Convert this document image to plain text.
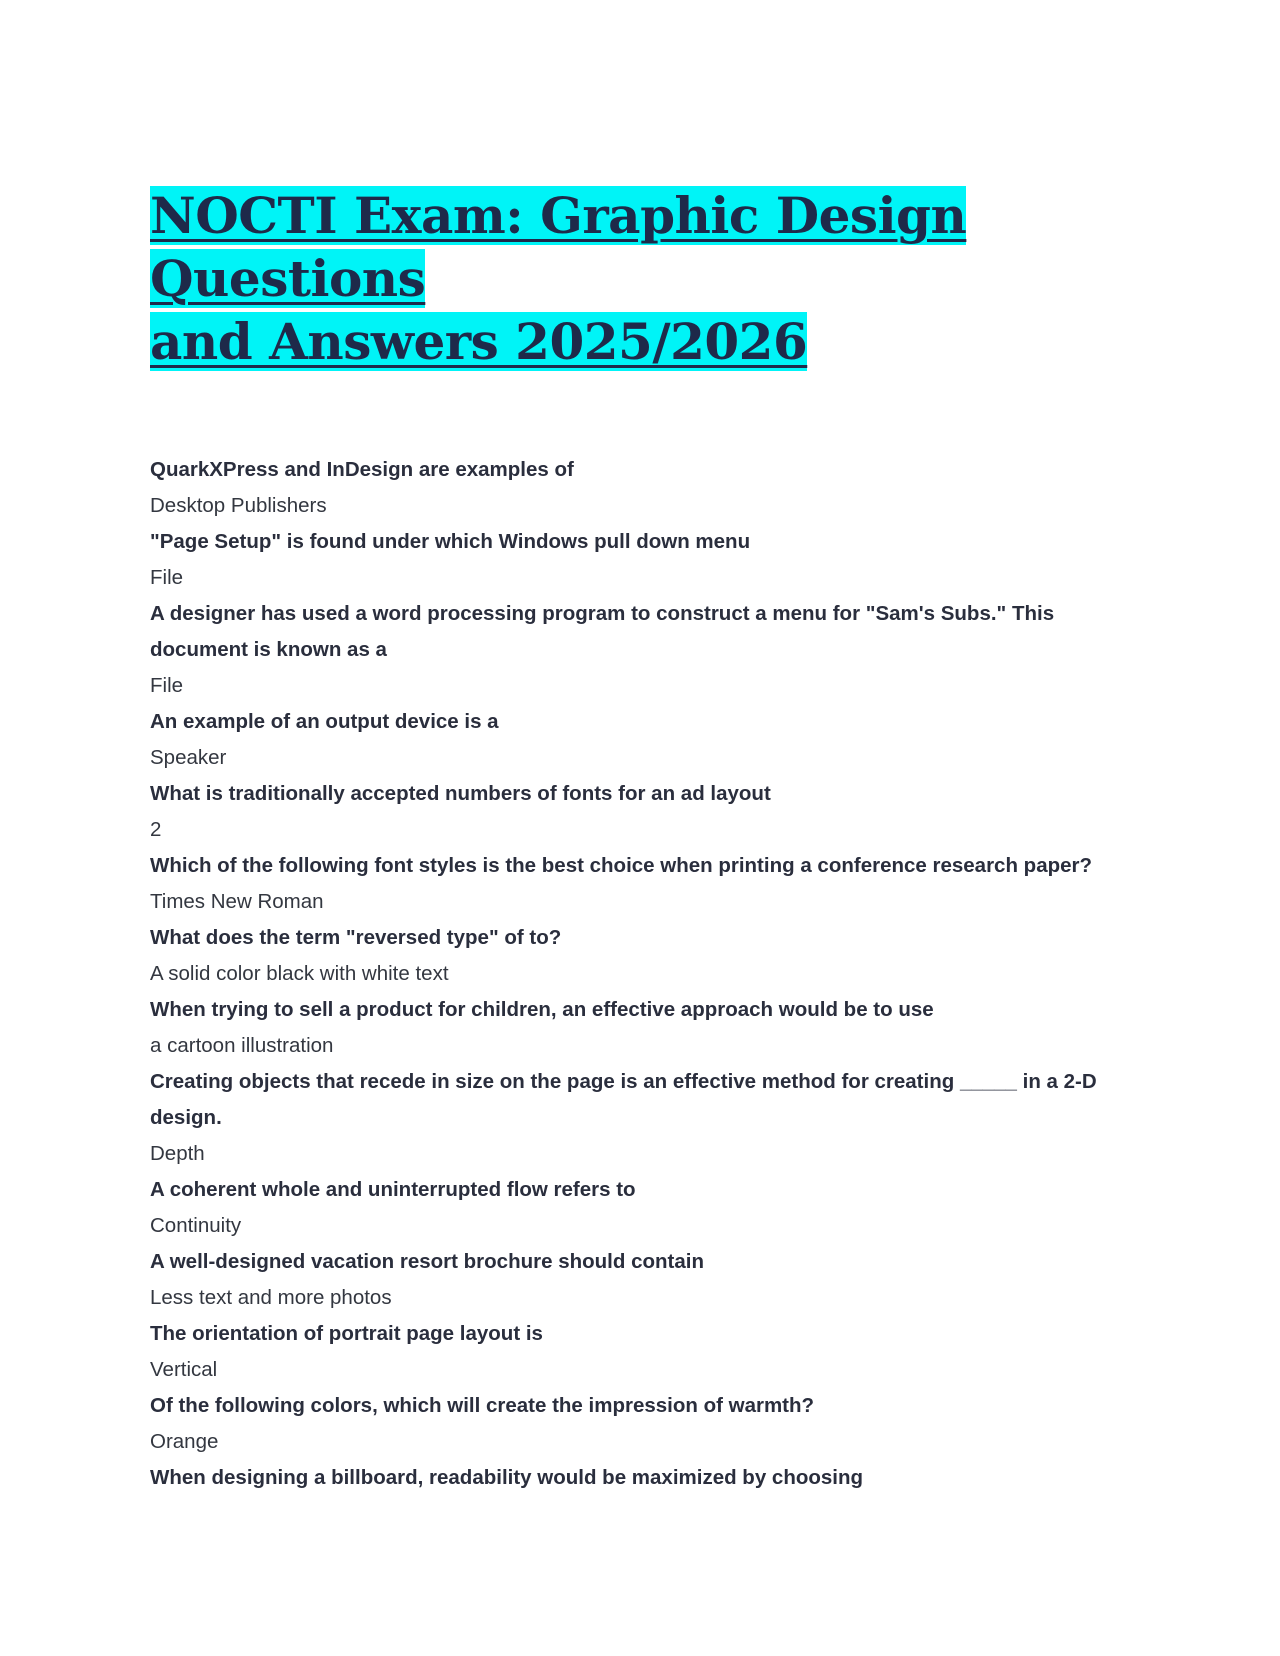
NOCTI Exam: Graphic Design Questions
and Answers 2025/2026
QuarkXPress and InDesign are examples of
Desktop Publishers
"Page Setup" is found under which Windows pull down menu
File
A designer has used a word processing program to construct a menu for "Sam's Subs." This document is known as a
File
An example of an output device is a
Speaker
What is traditionally accepted numbers of fonts for an ad layout
2
Which of the following font styles is the best choice when printing a conference research paper?
Times New Roman
What does the term "reversed type" of to?
A solid color black with white text
When trying to sell a product for children, an effective approach would be to use
a cartoon illustration
Creating objects that recede in size on the page is an effective method for creating _____ in a 2-D design.
Depth
A coherent whole and uninterrupted flow refers to
Continuity
A well-designed vacation resort brochure should contain
Less text and more photos
The orientation of portrait page layout is
Vertical
Of the following colors, which will create the impression of warmth?
Orange
When designing a billboard, readability would be maximized by choosing
